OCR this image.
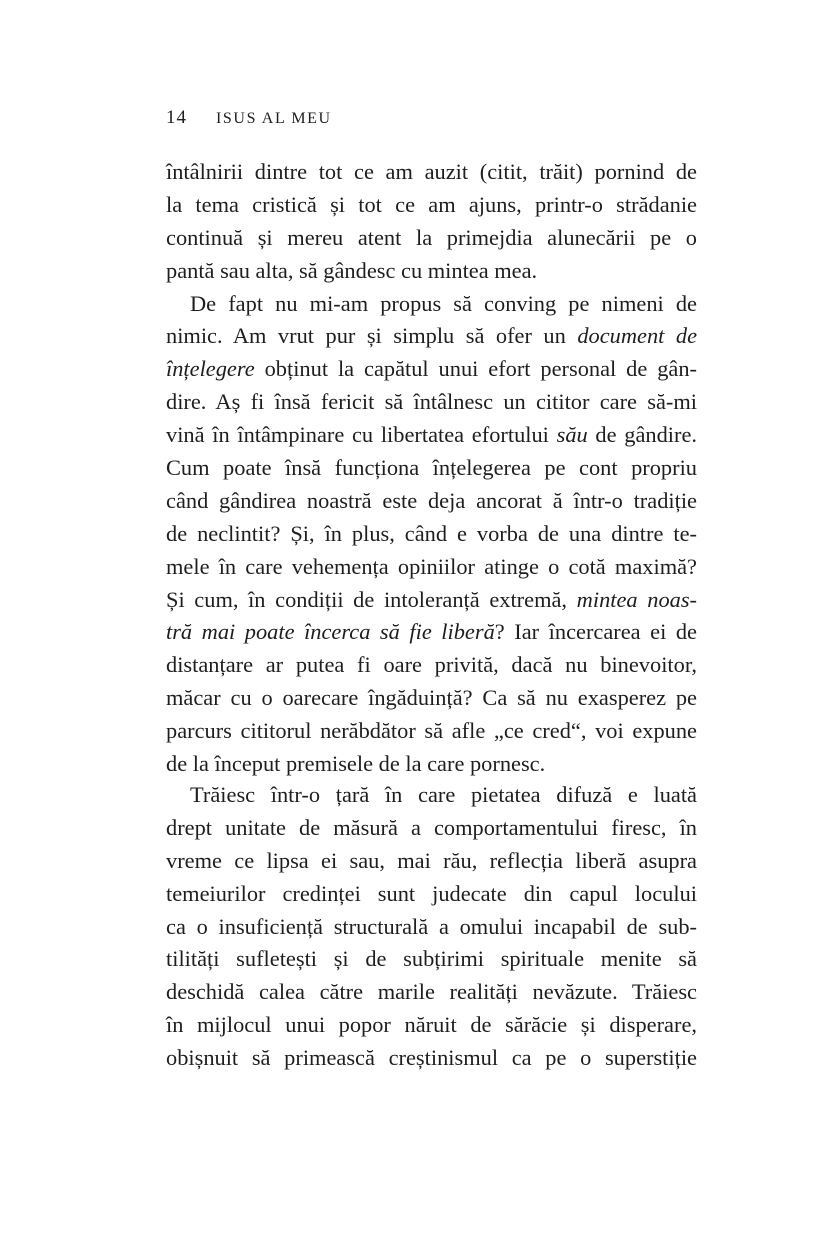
14 ISUS AL MEU
întâlnirii dintre tot ce am auzit (citit, trăit) pornind de
la tema cristică și tot ce am ajuns, printr-o strădanie
continuă și mereu atent la primejdia alunecării pe o
pantă sau alta, să gândesc cu mintea mea.
De fapt nu mi-am propus să conving pe nimeni de
nimic. Am vrut pur și simplu să ofer un document de
înțelegere obținut la capătul unui efort personal de gân-
dire. Aș fi însă fericit să întâlnesc un cititor care să-mi
vină în întâmpinare cu libertatea efortului său de gândire.
Cum poate însă funcționa înțelegerea pe cont propriu
când gândirea noastră este deja ancorat ă într-o tradiție
de neclintit? Și, în plus, când e vorba de una dintre te-
mele în care vehemența opiniilor atinge o cotă maximă?
Și cum, în condiții de intoleranță extremă, mintea noas-
tră mai poate încerca să fie liberă? Iar încercarea ei de
distanțare ar putea fi oare privită, dacă nu binevoitor,
măcar cu o oarecare îngăduință? Ca să nu exasperez pe
parcurs cititorul nerăbdător să afle „ce cred“, voi expune
de la început premisele de la care pornesc.
Trăiesc într-o țară în care pietatea difuză e luată
drept unitate de măsură a comportamentului firesc, în
vreme ce lipsa ei sau, mai rău, reflecția liberă asupra
temeiurilor credinței sunt judecate din capul locului
ca o insuficiență structurală a omului incapabil de sub-
tilități sufletești și de subțirimi spirituale menite să
deschidă calea către marile realități nevăzute. Trăiesc
în mijlocul unui popor năruit de sărăcie și disperare,
obișnuit să primească creștinismul ca pe o superstiție
